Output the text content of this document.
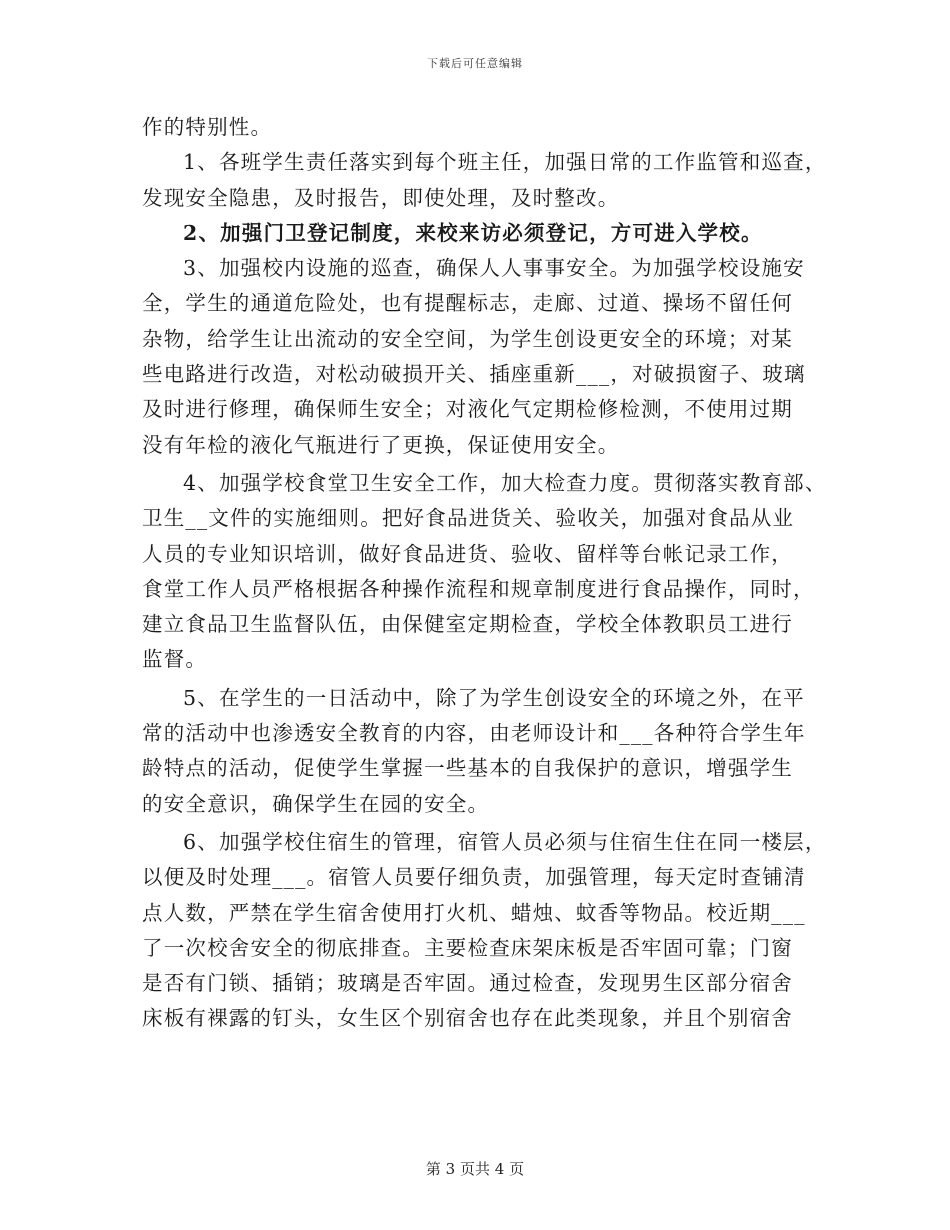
下载后可任意编辑
作的特别性。
1、各班学生责任落实到每个班主任，加强日常的工作监管和巡查，
发现安全隐患，及时报告，即使处理，及时整改。
2、加强门卫登记制度，来校来访必须登记，方可进入学校。
3、加强校内设施的巡查，确保人人事事安全。为加强学校设施安
全，学生的通道危险处，也有提醒标志，走廊、过道、操场不留任何
杂物，给学生让出流动的安全空间，为学生创设更安全的环境；对某
些电路进行改造，对松动破损开关、插座重新___，对破损窗子、玻璃
及时进行修理，确保师生安全；对液化气定期检修检测，不使用过期
没有年检的液化气瓶进行了更换，保证使用安全。
4、加强学校食堂卫生安全工作，加大检查力度。贯彻落实教育部、
卫生__文件的实施细则。把好食品进货关、验收关，加强对食品从业
人员的专业知识培训，做好食品进货、验收、留样等台帐记录工作，
食堂工作人员严格根据各种操作流程和规章制度进行食品操作，同时，
建立食品卫生监督队伍，由保健室定期检查，学校全体教职员工进行
监督。
5、在学生的一日活动中，除了为学生创设安全的环境之外，在平
常的活动中也渗透安全教育的内容，由老师设计和___各种符合学生年
龄特点的活动，促使学生掌握一些基本的自我保护的意识，增强学生
的安全意识，确保学生在园的安全。
6、加强学校住宿生的管理，宿管人员必须与住宿生住在同一楼层，
以便及时处理___。宿管人员要仔细负责，加强管理，每天定时查铺清
点人数，严禁在学生宿舍使用打火机、蜡烛、蚊香等物品。校近期___
了一次校舍安全的彻底排查。主要检查床架床板是否牢固可靠；门窗
是否有门锁、插销；玻璃是否牢固。通过检查，发现男生区部分宿舍
床板有裸露的钉头，女生区个别宿舍也存在此类现象，并且个别宿舍
第 3 页共 4 页
